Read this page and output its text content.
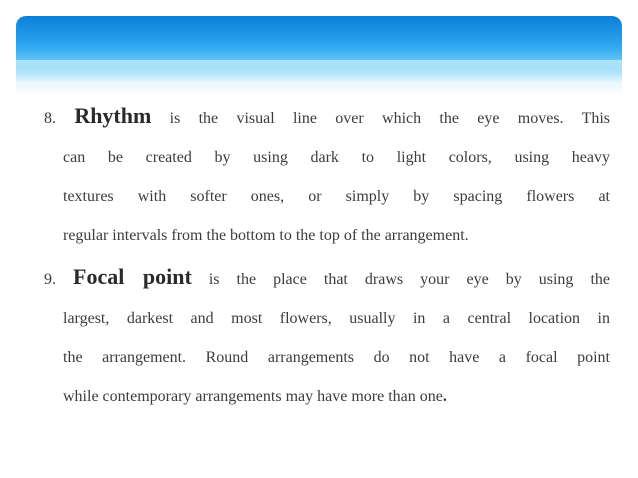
8. Rhythm is the visual line over which the eye moves. This
can be created by using dark to light colors, using heavy
textures with softer ones, or simply by spacing flowers at
regular intervals from the bottom to the top of the arrangement.
9. Focal point is the place that draws your eye by using the
largest, darkest and most flowers, usually in a central location in
the arrangement. Round arrangements do not have a focal point
while contemporary arrangements may have more than one.
